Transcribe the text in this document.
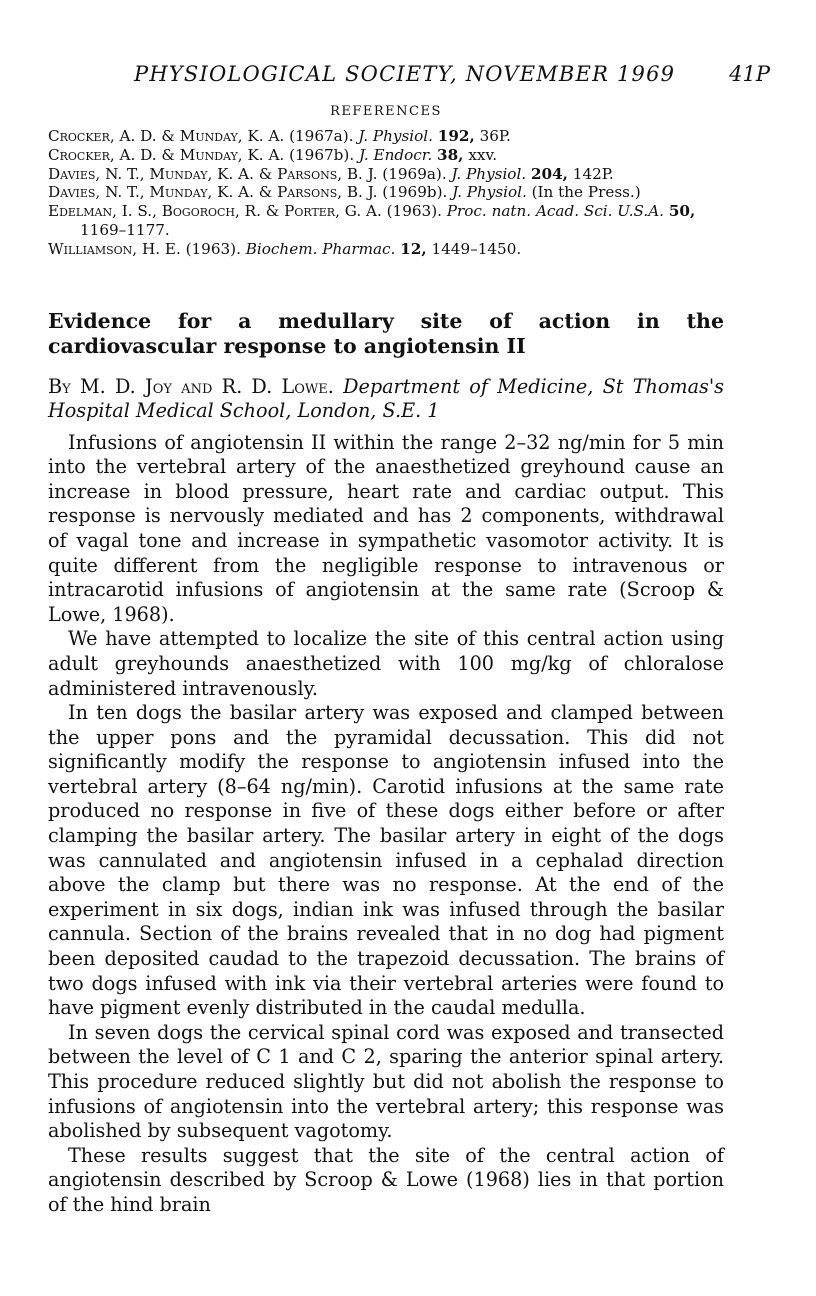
PHYSIOLOGICAL SOCIETY, NOVEMBER 1969	41P
REFERENCES
Crocker, A. D. & Munday, K. A. (1967a). J. Physiol. 192, 36P.
Crocker, A. D. & Munday, K. A. (1967b). J. Endocr. 38, xxv.
Davies, N. T., Munday, K. A. & Parsons, B. J. (1969a). J. Physiol. 204, 142P.
Davies, N. T., Munday, K. A. & Parsons, B. J. (1969b). J. Physiol. (In the Press.)
Edelman, I. S., Bogoroch, R. & Porter, G. A. (1963). Proc. natn. Acad. Sci. U.S.A. 50, 1169–1177.
Williamson, H. E. (1963). Biochem. Pharmac. 12, 1449–1450.
Evidence for a medullary site of action in the cardiovascular response to angiotensin II
By M. D. Joy and R. D. Lowe. Department of Medicine, St Thomas's Hospital Medical School, London, S.E. 1

Infusions of angiotensin II within the range 2–32 ng/min for 5 min into the vertebral artery of the anaesthetized greyhound cause an increase in blood pressure, heart rate and cardiac output. This response is nervously mediated and has 2 components, withdrawal of vagal tone and increase in sympathetic vasomotor activity. It is quite different from the negligible response to intravenous or intracarotid infusions of angiotensin at the same rate (Scroop & Lowe, 1968).

We have attempted to localize the site of this central action using adult greyhounds anaesthetized with 100 mg/kg of chloralose administered intravenously.

In ten dogs the basilar artery was exposed and clamped between the upper pons and the pyramidal decussation. This did not significantly modify the response to angiotensin infused into the vertebral artery (8–64 ng/min). Carotid infusions at the same rate produced no response in five of these dogs either before or after clamping the basilar artery. The basilar artery in eight of the dogs was cannulated and angiotensin infused in a cephalad direction above the clamp but there was no response. At the end of the experiment in six dogs, indian ink was infused through the basilar cannula. Section of the brains revealed that in no dog had pigment been deposited caudad to the trapezoid decussation. The brains of two dogs infused with ink via their vertebral arteries were found to have pigment evenly distributed in the caudal medulla.

In seven dogs the cervical spinal cord was exposed and transected between the level of C 1 and C 2, sparing the anterior spinal artery. This procedure reduced slightly but did not abolish the response to infusions of angiotensin into the vertebral artery; this response was abolished by subsequent vagotomy.

These results suggest that the site of the central action of angiotensin described by Scroop & Lowe (1968) lies in that portion of the hind brain
